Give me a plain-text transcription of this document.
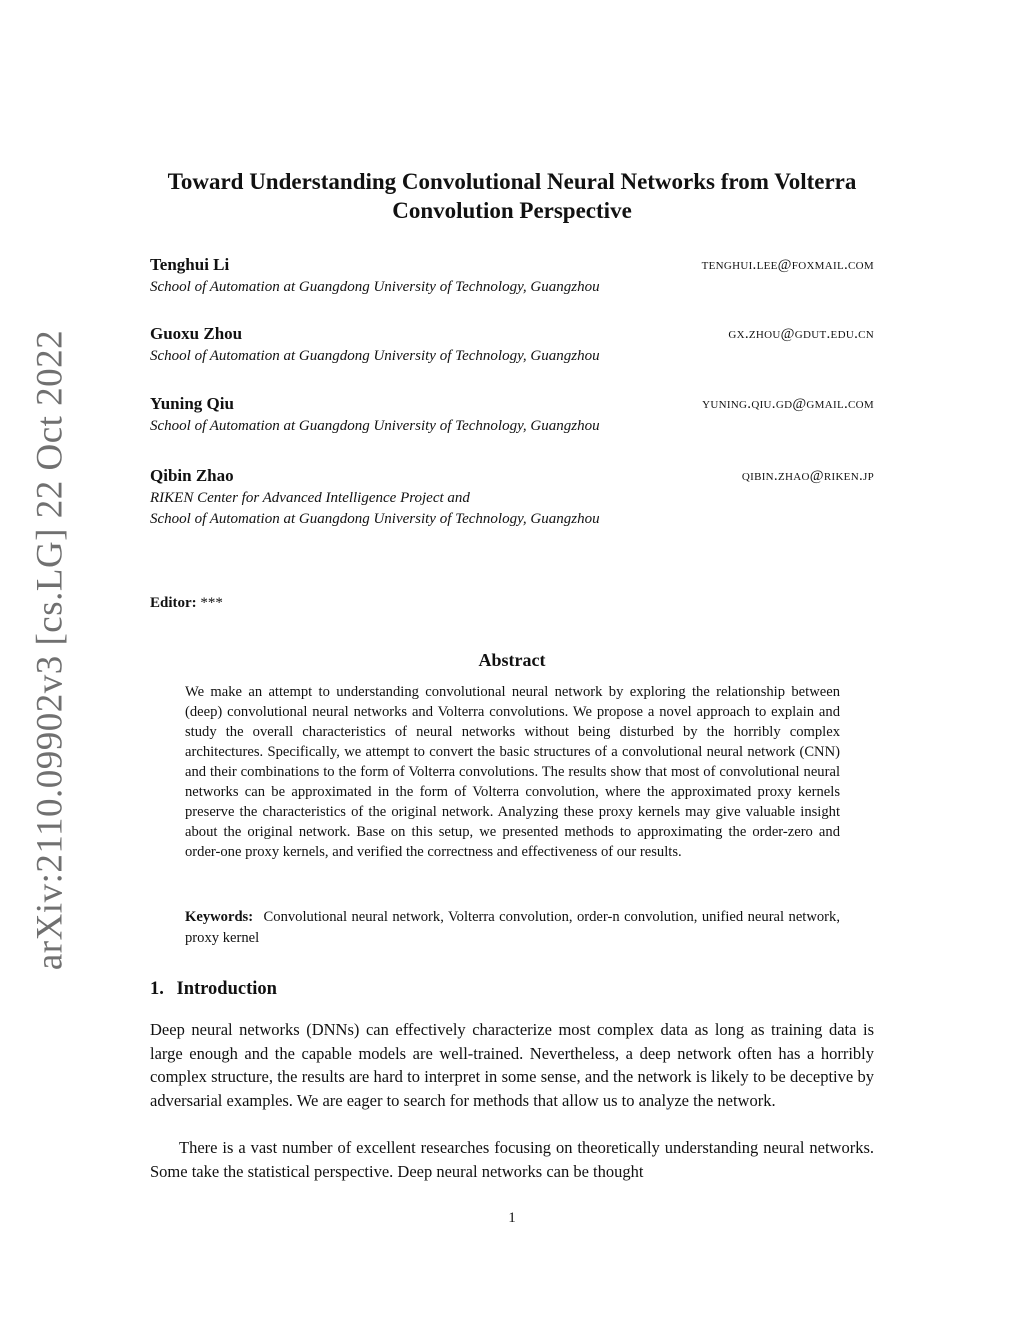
arXiv:2110.09902v3 [cs.LG] 22 Oct 2022
Toward Understanding Convolutional Neural Networks from Volterra Convolution Perspective
Tenghui Li	tenghui.lee@foxmail.com
School of Automation at Guangdong University of Technology, Guangzhou
Guoxu Zhou	gx.zhou@gdut.edu.cn
School of Automation at Guangdong University of Technology, Guangzhou
Yuning Qiu	yuning.qiu.gd@gmail.com
School of Automation at Guangdong University of Technology, Guangzhou
Qibin Zhao	qibin.zhao@riken.jp
RIKEN Center for Advanced Intelligence Project and
School of Automation at Guangdong University of Technology, Guangzhou
Editor: ***
Abstract
We make an attempt to understanding convolutional neural network by exploring the relationship between (deep) convolutional neural networks and Volterra convolutions. We propose a novel approach to explain and study the overall characteristics of neural networks without being disturbed by the horribly complex architectures. Specifically, we attempt to convert the basic structures of a convolutional neural network (CNN) and their combinations to the form of Volterra convolutions. The results show that most of convolutional neural networks can be approximated in the form of Volterra convolution, where the approximated proxy kernels preserve the characteristics of the original network. Analyzing these proxy kernels may give valuable insight about the original network. Base on this setup, we presented methods to approximating the order-zero and order-one proxy kernels, and verified the correctness and effectiveness of our results.
Keywords: Convolutional neural network, Volterra convolution, order-n convolution, unified neural network, proxy kernel
1. Introduction
Deep neural networks (DNNs) can effectively characterize most complex data as long as training data is large enough and the capable models are well-trained. Nevertheless, a deep network often has a horribly complex structure, the results are hard to interpret in some sense, and the network is likely to be deceptive by adversarial examples. We are eager to search for methods that allow us to analyze the network.
There is a vast number of excellent researches focusing on theoretically understanding neural networks. Some take the statistical perspective. Deep neural networks can be thought
1
